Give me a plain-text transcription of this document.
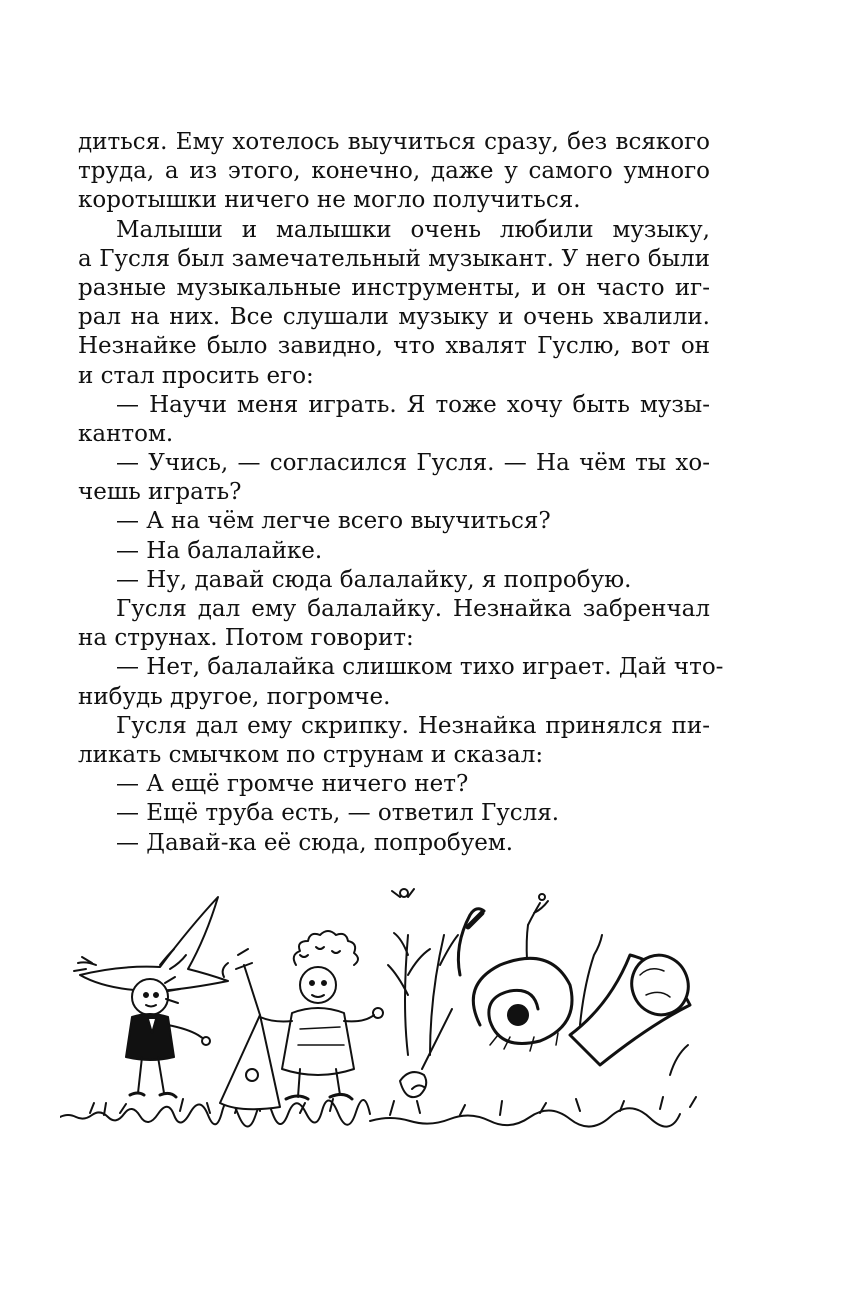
диться. Ему хотелось выучиться сразу, без всякого
труда, а из этого, конечно, даже у самого умного
коротышки ничего не могло получиться.
Малыши и малышки очень любили музыку,
а Гусля был замечательный музыкант. У него были
разные музыкальные инструменты, и он часто иг-
рал на них. Все слушали музыку и очень хвалили.
Незнайке было завидно, что хвалят Гуслю, вот он
и стал просить его:
— Научи меня играть. Я тоже хочу быть музы-
кантом.
— Учись, — согласился Гусля. — На чём ты хо-
чешь играть?
— А на чём легче всего выучиться?
— На балалайке.
— Ну, давай сюда балалайку, я попробую.
Гусля дал ему балалайку. Незнайка забренчал
на струнах. Потом говорит:
— Нет, балалайка слишком тихо играет. Дай что-
нибудь другое, погромче.
Гусля дал ему скрипку. Незнайка принялся пи-
ликать смычком по струнам и сказал:
— А ещё громче ничего нет?
— Ещё труба есть, — ответил Гусля.
— Давай-ка её сюда, попробуем.
